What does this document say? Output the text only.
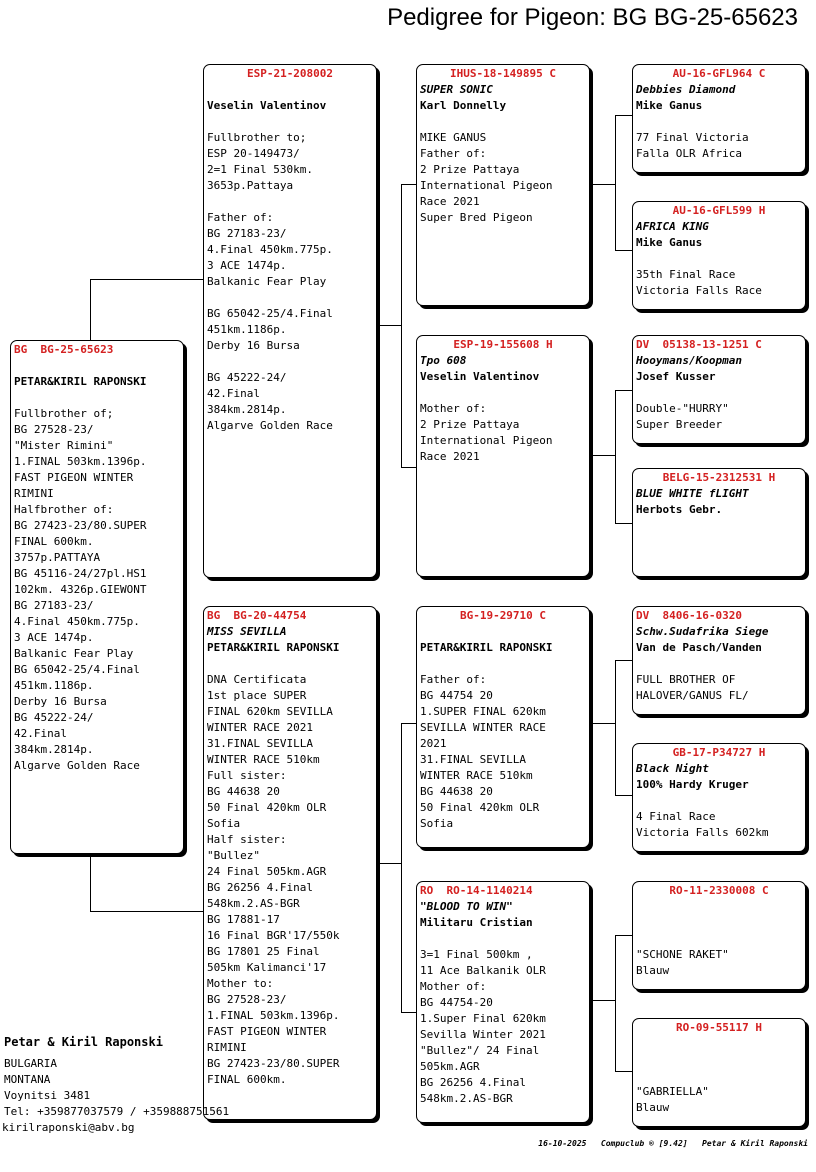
Pedigree for Pigeon: BG BG-25-65623
BG BG-25-65623
PETAR&KIRIL RAPONSKI
Fullbrother of;
BG 27528-23/
"Mister Rimini"
1.FINAL 503km.1396p.
FAST PIGEON WINTER
RIMINI
Halfbrother of:
BG 27423-23/80.SUPER
FINAL 600km.
3757p.PATTAYA
BG 45116-24/27pl.HS1
102km. 4326p.GIEWONT
BG 27183-23/
4.Final 450km.775p.
3 ACE 1474p.
Balkanic Fear Play
BG 65042-25/4.Final
451km.1186p.
Derby 16 Bursa
BG 45222-24/
42.Final
384km.2814p.
Algarve Golden Race
ESP-21-208002
Veselin Valentinov
Fullbrother to;
ESP 20-149473/
2=1 Final 530km.
3653p.Pattaya

Father of:
BG 27183-23/
4.Final 450km.775p.
3 ACE 1474p.
Balkanic Fear Play

BG 65042-25/4.Final
451km.1186p.
Derby 16 Bursa

BG 45222-24/
42.Final
384km.2814p.
Algarve Golden Race
BG BG-20-44754
MISS SEVILLA
PETAR&KIRIL RAPONSKI
DNA Certificata
1st place SUPER
FINAL 620km SEVILLA
WINTER RACE 2021
31.FINAL SEVILLA
WINTER RACE 510km
Full sister:
BG 44638 20
50 Final 420km OLR
Sofia
Half sister:
"Bullez"
24 Final 505km.AGR
BG 26256 4.Final
548km.2.AS-BGR
BG 17881-17
16 Final BGR'17/550k
BG 17801 25 Final
505km Kalimanci'17
Mother to:
BG 27528-23/
1.FINAL 503km.1396p.
FAST PIGEON WINTER
RIMINI
BG 27423-23/80.SUPER
FINAL 600km.
IHUS-18-149895 C
SUPER SONIC
Karl Donnelly
MIKE GANUS
Father of:
2 Prize Pattaya
International Pigeon
Race 2021
Super Bred Pigeon
ESP-19-155608 H
Tpo 608
Veselin Valentinov
Mother of:
2 Prize Pattaya
International Pigeon
Race 2021
BG-19-29710 C
PETAR&KIRIL RAPONSKI
Father of:
BG 44754 20
1.SUPER FINAL 620km
SEVILLA WINTER RACE
2021
31.FINAL SEVILLA
WINTER RACE 510km
BG 44638 20
50 Final 420km OLR
Sofia
RO RO-14-1140214
"BLOOD TO WIN"
Militaru Cristian
3=1 Final 500km ,
11 Ace Balkanik OLR
Mother of:
BG 44754-20
1.Super Final 620km
Sevilla Winter 2021
"Bullez"/ 24 Final
505km.AGR
BG 26256 4.Final
548km.2.AS-BGR
AU-16-GFL964 C
Debbies Diamond
Mike Ganus
77 Final Victoria
Falla OLR Africa
AU-16-GFL599 H
AFRICA KING
Mike Ganus
35th Final Race
Victoria Falls Race
DV 05138-13-1251 C
Hooymans/Koopman
Josef Kusser
Double-"HURRY"
Super Breeder
BELG-15-2312531 H
BLUE WHITE fLIGHT
Herbots Gebr.
DV 8406-16-0320
Schw.Sudafrika Siege
Van de Pasch/Vanden
FULL BROTHER OF
HALOVER/GANUS FL/
GB-17-P34727 H
Black Night
100% Hardy Kruger
4 Final Race
Victoria Falls 602km
RO-11-2330008 C
"SCHONE RAKET"
Blauw
RO-09-55117 H
"GABRIELLA"
Blauw
Petar & Kiril Raponski
BULGARIA
MONTANA
Voynitsi 3481
Tel: +359877037579 / +359888751561
kirilraponski@abv.bg
16-10-2025   Compuclub ® [9.42]   Petar & Kiril Raponski
